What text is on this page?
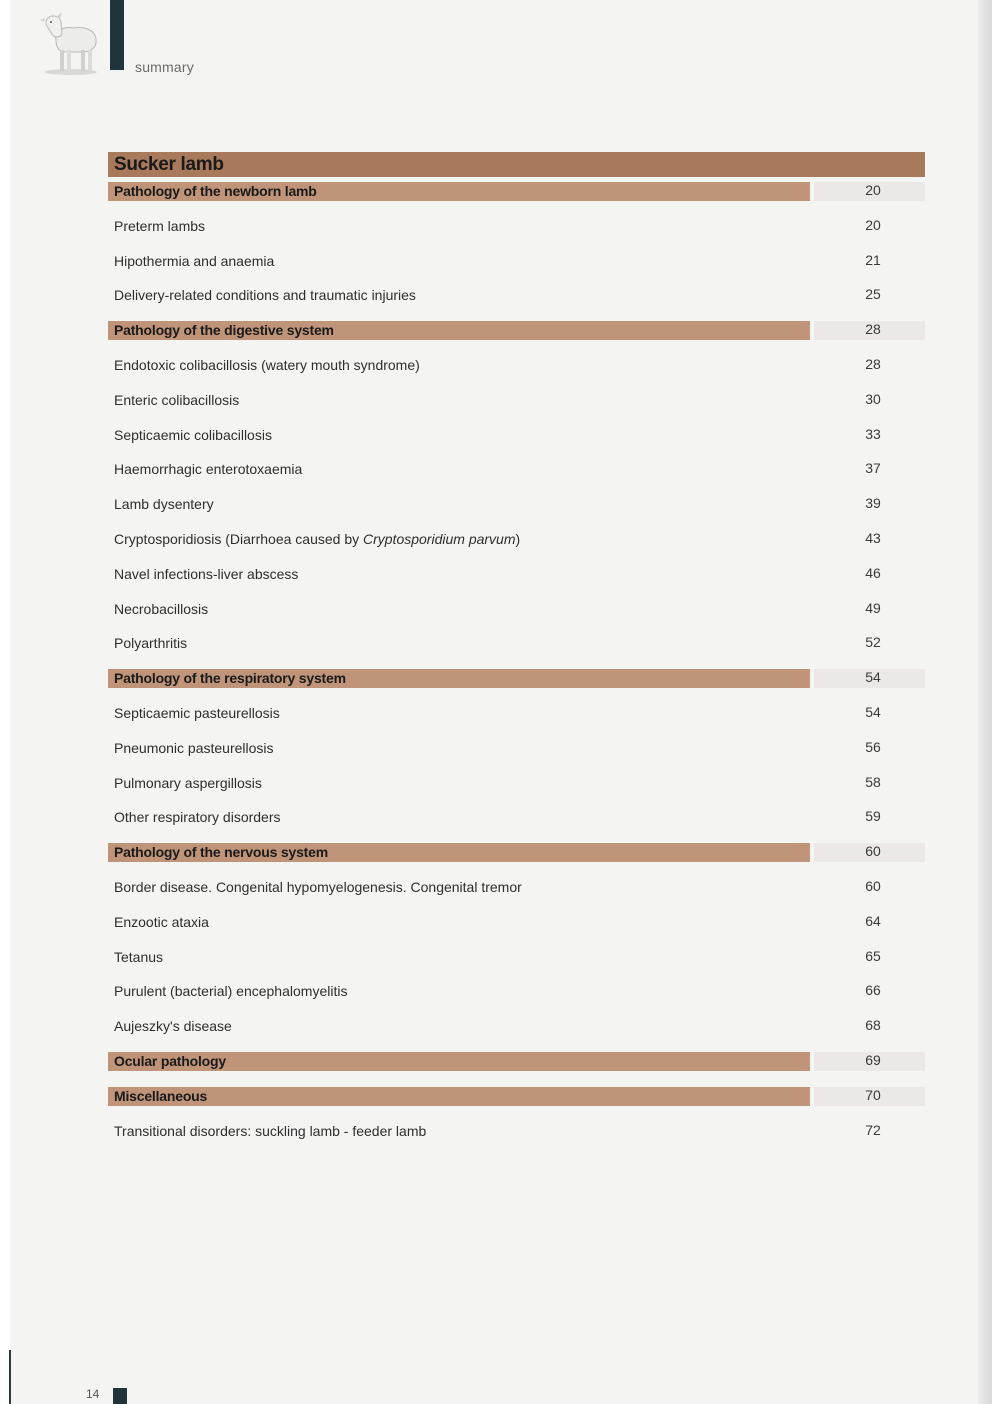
summary
Sucker lamb
Pathology of the newborn lamb	20
Preterm lambs	20
Hipothermia and anaemia	21
Delivery-related conditions and traumatic injuries	25
Pathology of the digestive system	28
Endotoxic colibacillosis (watery mouth syndrome)	28
Enteric colibacillosis	30
Septicaemic colibacillosis	33
Haemorrhagic enterotoxaemia	37
Lamb dysentery	39
Cryptosporidiosis (Diarrhoea caused by Cryptosporidium parvum)	43
Navel infections-liver abscess	46
Necrobacillosis	49
Polyarthritis	52
Pathology of the respiratory system	54
Septicaemic pasteurellosis	54
Pneumonic pasteurellosis	56
Pulmonary aspergillosis	58
Other respiratory disorders	59
Pathology of the nervous system	60
Border disease. Congenital hypomyelogenesis. Congenital tremor	60
Enzootic ataxia	64
Tetanus	65
Purulent (bacterial) encephalomyelitis	66
Aujeszky's disease	68
Ocular pathology	69
Miscellaneous	70
Transitional disorders: suckling lamb - feeder lamb	72
14
